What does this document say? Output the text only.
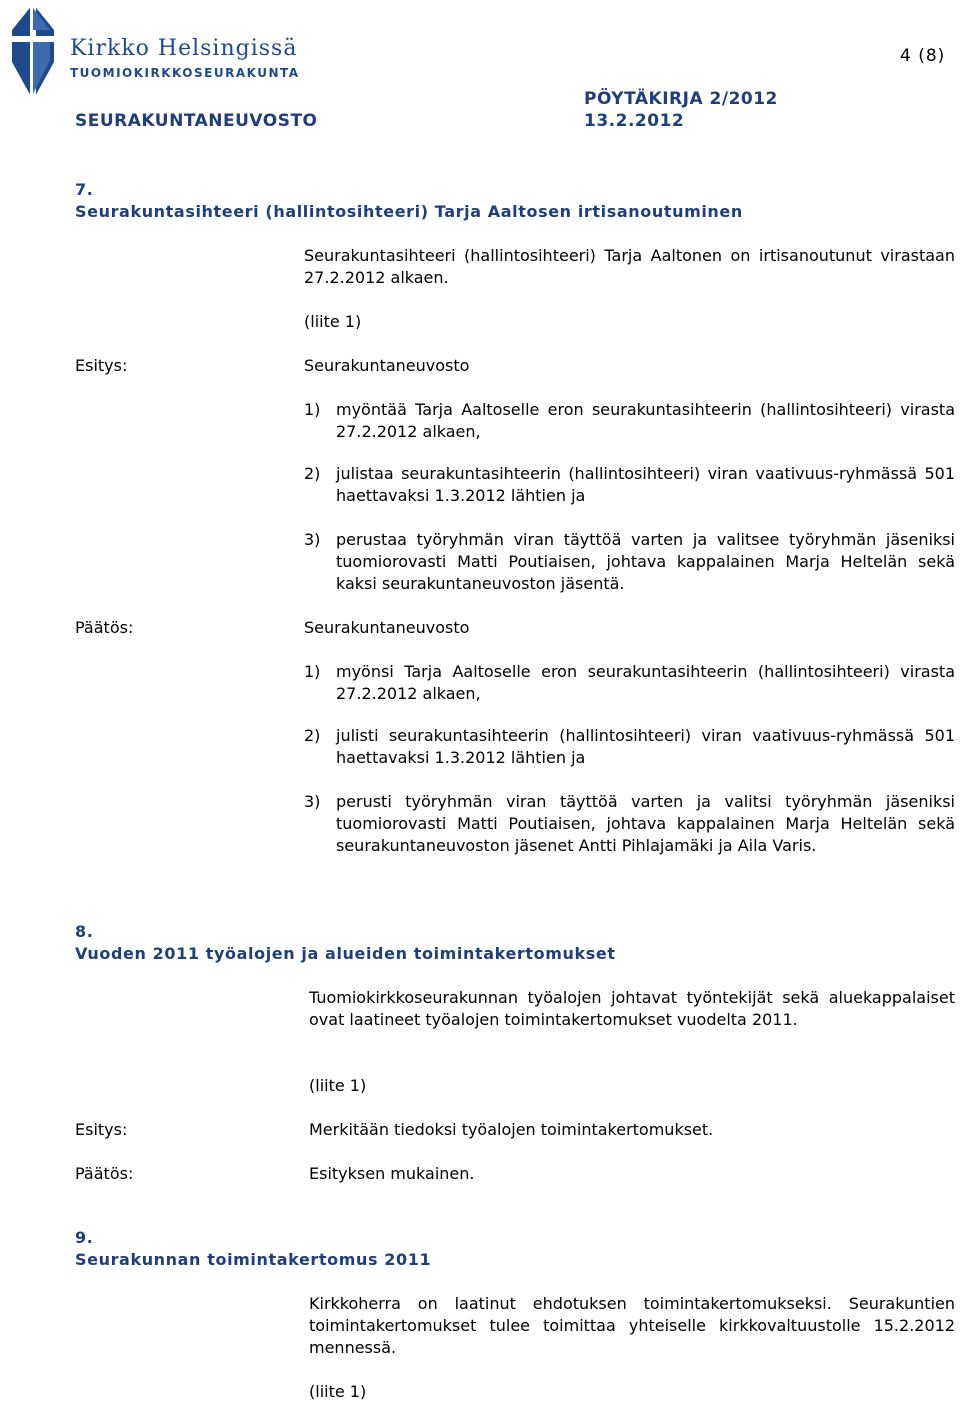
Kirkko Helsingissä
TUOMIOKIRKKOSEURAKUNTA
4 (8)
PÖYTÄKIRJA 2/2012
SEURAKUNTANEUVOSTO	13.2.2012
7.
Seurakuntasihteeri (hallintosihteeri) Tarja Aaltosen irtisanoutuminen
Seurakuntasihteeri (hallintosihteeri) Tarja Aaltonen on irtisanoutunut virastaan 27.2.2012 alkaen.
(liite 1)
Esitys:	Seurakuntaneuvosto
1) myöntää Tarja Aaltoselle eron seurakuntasihteerin (hallintosihteeri) virasta 27.2.2012 alkaen,
2) julistaa seurakuntasihteerin (hallintosihteeri) viran vaativuus-ryhmässä 501 haettavaksi 1.3.2012 lähtien ja
3) perustaa työryhmän viran täyttöä varten ja valitsee työryhmän jäseniksi tuomiorovasti Matti Poutiaisen, johtava kappalainen Marja Heltelän sekä kaksi seurakuntaneuvoston jäsentä.
Päätös:	Seurakuntaneuvosto
1) myönsi Tarja Aaltoselle eron seurakuntasihteerin (hallintosihteeri) virasta 27.2.2012 alkaen,
2) julisti seurakuntasihteerin (hallintosihteeri) viran vaativuus-ryhmässä 501 haettavaksi 1.3.2012 lähtien ja
3) perusti työryhmän viran täyttöä varten ja valitsi työryhmän jäseniksi tuomiorovasti Matti Poutiaisen, johtava kappalainen Marja Heltelän sekä seurakuntaneuvoston jäsenet Antti Pihlajamäki ja Aila Varis.
8.
Vuoden 2011 työalojen ja alueiden toimintakertomukset
Tuomiokirkkoseurakunnan työalojen johtavat työntekijät sekä aluekappalaiset ovat laatineet työalojen toimintakertomukset vuodelta 2011.
(liite 1)
Esitys:	Merkitään tiedoksi työalojen toimintakertomukset.
Päätös:	Esityksen mukainen.
9.
Seurakunnan toimintakertomus 2011
Kirkkoherra on laatinut ehdotuksen toimintakertomukseksi. Seurakuntien toimintakertomukset tulee toimittaa yhteiselle kirkkovaltuustolle 15.2.2012 mennessä.
(liite 1)
